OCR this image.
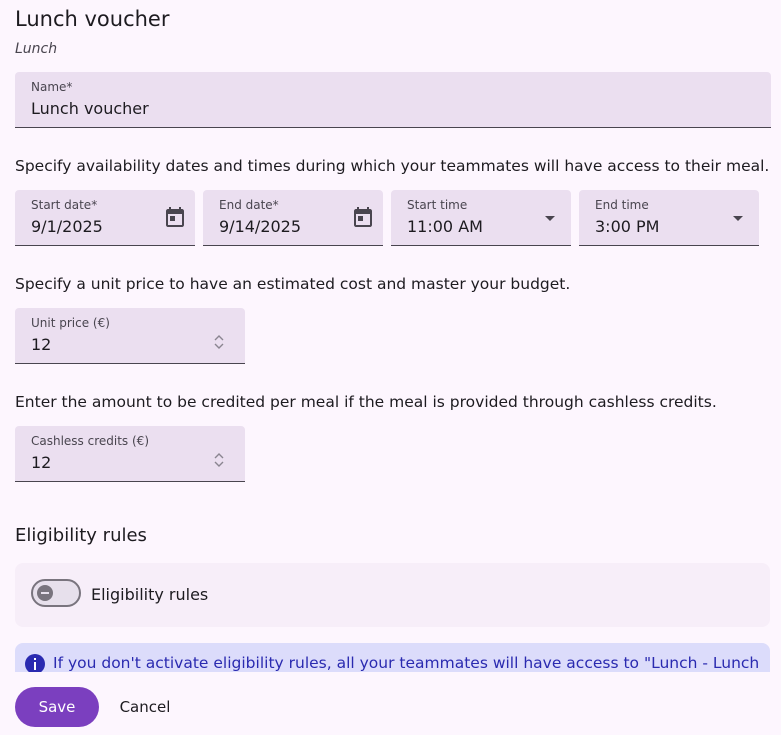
Lunch voucher
Lunch
Name*
Lunch voucher
Specify availability dates and times during which your teammates will have access to their meal.
Start date*
9/1/2025
End date*
9/14/2025
Start time
11:00 AM
End time
3:00 PM
Specify a unit price to have an estimated cost and master your budget.
Unit price (€)
12
Enter the amount to be credited per meal if the meal is provided through cashless credits.
Cashless credits (€)
12
Eligibility rules
Eligibility rules
If you don't activate eligibility rules, all your teammates will have access to "Lunch - Lunch
Save	Cancel
